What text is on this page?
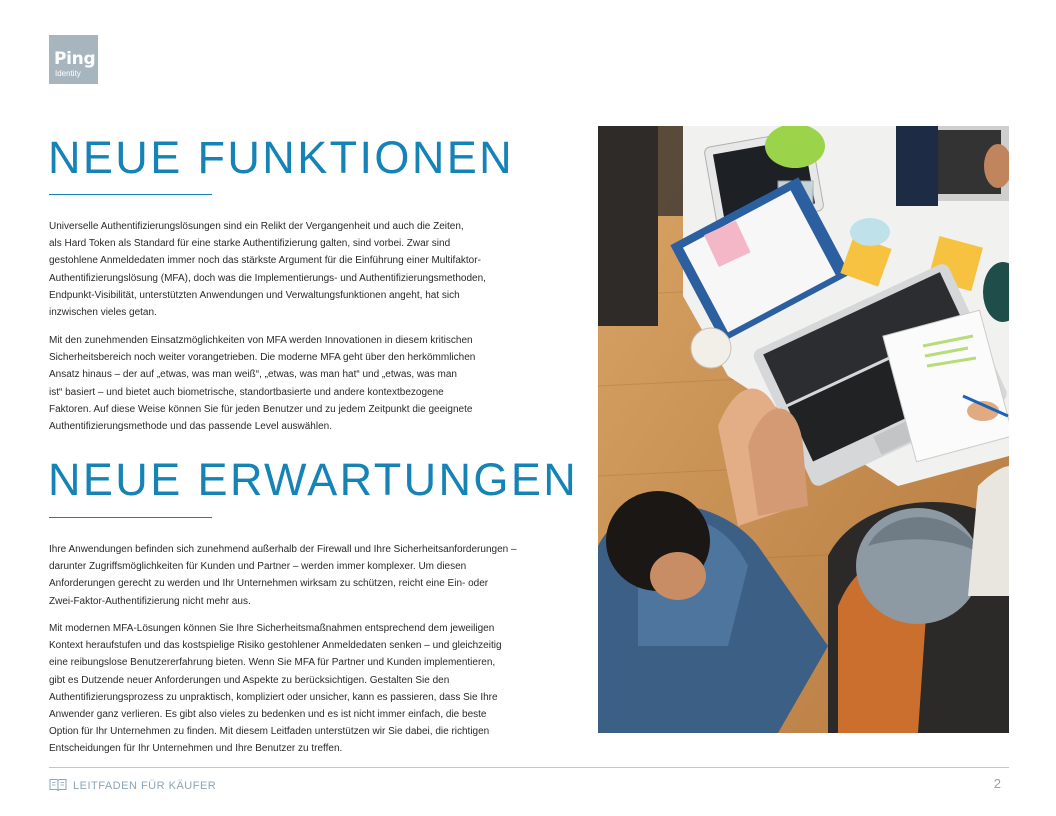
Ping
Identity
NEUE FUNKTIONEN

Universelle Authentifizierungslösungen sind ein Relikt der Vergangenheit und auch die Zeiten,
als Hard Token als Standard für eine starke Authentifizierung galten, sind vorbei. Zwar sind
gestohlene Anmeldedaten immer noch das stärkste Argument für die Einführung einer Multifaktor-
Authentifizierungslösung (MFA), doch was die Implementierungs- und Authentifizierungsmethoden,
Endpunkt-Visibilität, unterstützten Anwendungen und Verwaltungsfunktionen angeht, hat sich
inzwischen vieles getan.

Mit den zunehmenden Einsatzmöglichkeiten von MFA werden Innovationen in diesem kritischen
Sicherheitsbereich noch weiter vorangetrieben. Die moderne MFA geht über den herkömmlichen
Ansatz hinaus – der auf „etwas, was man weiß“, „etwas, was man hat“ und „etwas, was man
ist“ basiert – und bietet auch biometrische, standortbasierte und andere kontextbezogene
Faktoren. Auf diese Weise können Sie für jeden Benutzer und zu jedem Zeitpunkt die geeignete
Authentifizierungsmethode und das passende Level auswählen.

NEUE ERWARTUNGEN

Ihre Anwendungen befinden sich zunehmend außerhalb der Firewall und Ihre Sicherheitsanforderungen –
darunter Zugriffsmöglichkeiten für Kunden und Partner – werden immer komplexer. Um diesen
Anforderungen gerecht zu werden und Ihr Unternehmen wirksam zu schützen, reicht eine Ein- oder
Zwei-Faktor-Authentifizierung nicht mehr aus.

Mit modernen MFA-Lösungen können Sie Ihre Sicherheitsmaßnahmen entsprechend dem jeweiligen
Kontext heraufstufen und das kostspielige Risiko gestohlener Anmeldedaten senken – und gleichzeitig
eine reibungslose Benutzererfahrung bieten. Wenn Sie MFA für Partner und Kunden implementieren,
gibt es Dutzende neuer Anforderungen und Aspekte zu berücksichtigen. Gestalten Sie den
Authentifizierungsprozess zu unpraktisch, kompliziert oder unsicher, kann es passieren, dass Sie Ihre
Anwender ganz verlieren. Es gibt also vieles zu bedenken und es ist nicht immer einfach, die beste
Option für Ihr Unternehmen zu finden. Mit diesem Leitfaden unterstützen wir Sie dabei, die richtigen
Entscheidungen für Ihr Unternehmen und Ihre Benutzer zu treffen.

LEITFADEN FÜR KÄUFER	2
